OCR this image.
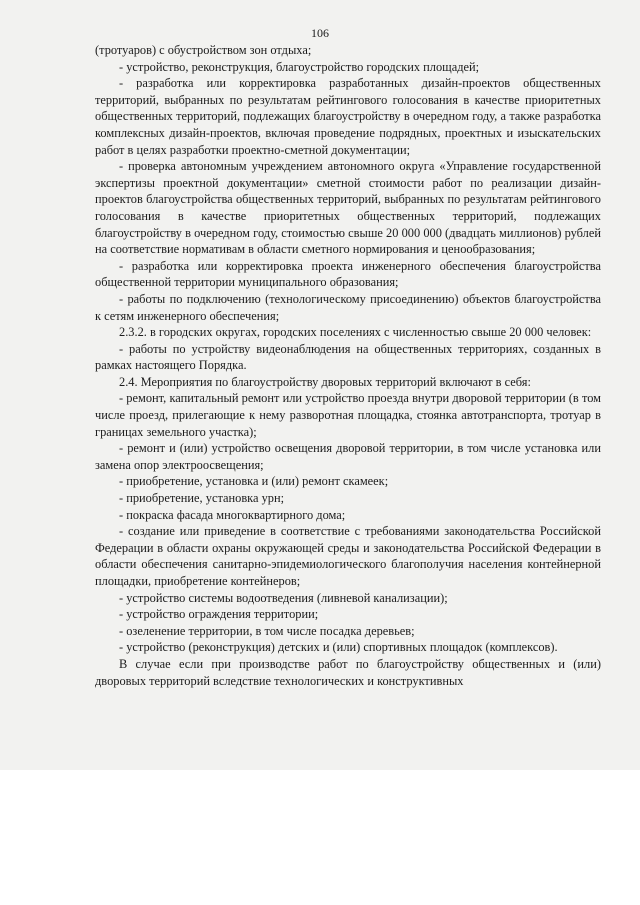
106

(тротуаров) с обустройством зон отдыха;

- устройство, реконструкция, благоустройство городских площадей;

- разработка или корректировка разработанных дизайн-проектов общественных территорий, выбранных по результатам рейтингового голосования в качестве приоритетных общественных территорий, подлежащих благоустройству в очередном году, а также разработка комплексных дизайн-проектов, включая проведение подрядных, проектных и изыскательских работ в целях разработки проектно-сметной документации;

- проверка автономным учреждением автономного округа «Управление государственной экспертизы проектной документации» сметной стоимости работ по реализации дизайн-проектов благоустройства общественных территорий, выбранных по результатам рейтингового голосования в качестве приоритетных общественных территорий, подлежащих благоустройству в очередном году, стоимостью свыше 20 000 000 (двадцать миллионов) рублей на соответствие нормативам в области сметного нормирования и ценообразования;

- разработка или корректировка проекта инженерного обеспечения благоустройства общественной территории муниципального образования;

- работы по подключению (технологическому присоединению) объектов благоустройства к сетям инженерного обеспечения;

2.3.2. в городских округах, городских поселениях с численностью свыше 20 000 человек:

- работы по устройству видеонаблюдения на общественных территориях, созданных в рамках настоящего Порядка.

2.4. Мероприятия по благоустройству дворовых территорий включают в себя:

- ремонт, капитальный ремонт или устройство проезда внутри дворовой территории (в том числе проезд, прилегающие к нему разворотная площадка, стоянка автотранспорта, тротуар в границах земельного участка);

- ремонт и (или) устройство освещения дворовой территории, в том числе установка или замена опор электроосвещения;

- приобретение, установка и (или) ремонт скамеек;

- приобретение, установка урн;

- покраска фасада многоквартирного дома;

- создание или приведение в соответствие с требованиями законодательства Российской Федерации в области охраны окружающей среды и законодательства Российской Федерации в области обеспечения санитарно-эпидемиологического благополучия населения контейнерной площадки, приобретение контейнеров;

- устройство системы водоотведения (ливневой канализации);

- устройство ограждения территории;

- озеленение территории, в том числе посадка деревьев;

- устройство (реконструкция) детских и (или) спортивных площадок (комплексов).

В случае если при производстве работ по благоустройству общественных и (или) дворовых территорий вследствие технологических и конструктивных
